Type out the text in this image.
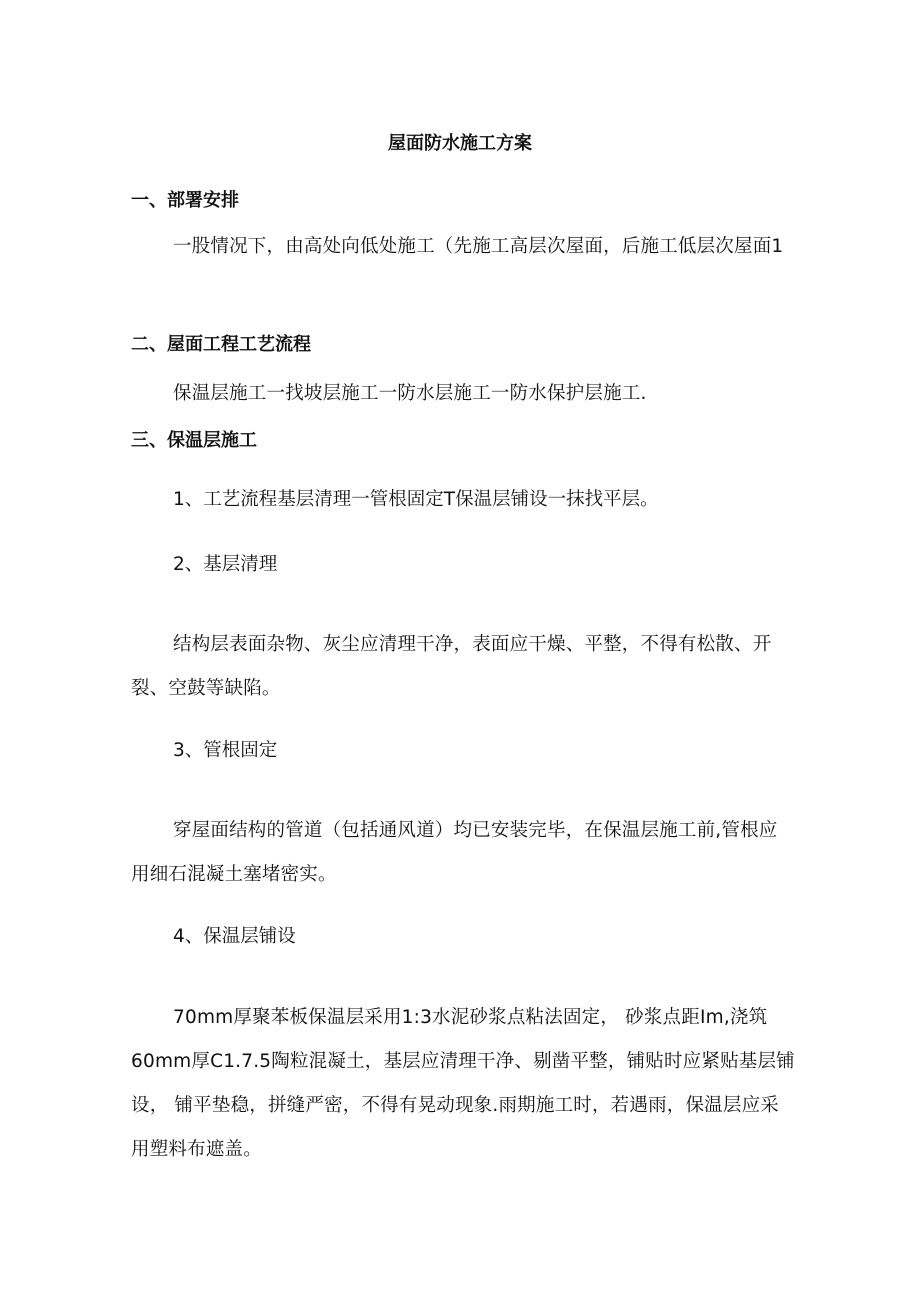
屋面防水施工方案
一、部署安排

一股情况下，由高处向低处施工（先施工高层次屋面，后施工低层次屋面1

二、屋面工程工艺流程

保温层施工一找坡层施工一防水层施工一防水保护层施工.

三、保温层施工

1、工艺流程基层清理一管根固定T保温层铺设一抹找平层。

2、基层清理

结构层表面杂物、灰尘应清理干净，表面应干燥、平整，不得有松散、开裂、空鼓等缺陷。

3、管根固定

穿屋面结构的管道（包括通风道）均已安装完毕，在保温层施工前,管根应用细石混凝土塞堵密实。

4、保温层铺设

70mm厚聚苯板保温层采用1:3水泥砂浆点粘法固定， 砂浆点距Im,浇筑60mm厚C1.7.5陶粒混凝土，基层应清理干净、剔凿平整，铺贴时应紧贴基层铺设， 铺平垫稳，拼缝严密，不得有晃动现象.雨期施工时，若遇雨，保温层应采用塑料布遮盖。
